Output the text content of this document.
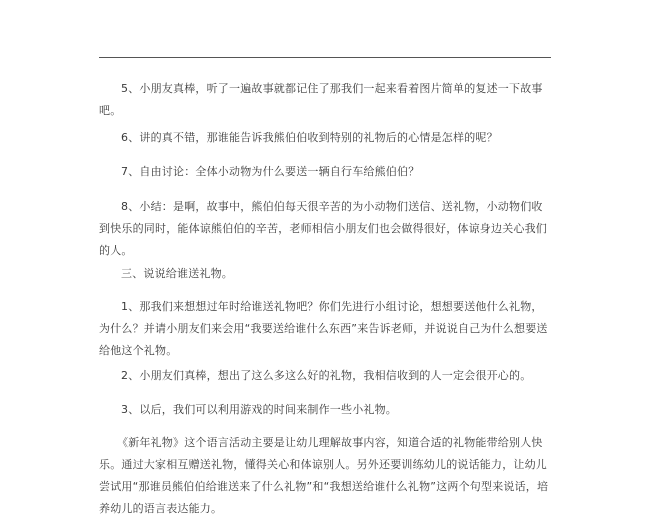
5、小朋友真棒，听了一遍故事就都记住了那我们一起来看着图片简单的复述一下故事吧。

6、讲的真不错，那谁能告诉我熊伯伯收到特别的礼物后的心情是怎样的呢？

7、自由讨论：全体小动物为什么要送一辆自行车给熊伯伯？

8、小结：是啊，故事中，熊伯伯每天很辛苦的为小动物们送信、送礼物，小动物们收到快乐的同时，能体谅熊伯伯的辛苦，老师相信小朋友们也会做得很好，体谅身边关心我们的人。

三、说说给谁送礼物。

1、那我们来想想过年时给谁送礼物吧？你们先进行小组讨论，想想要送他什么礼物，为什么？并请小朋友们来会用“我要送给谁什么东西”来告诉老师，并说说自己为什么想要送给他这个礼物。

2、小朋友们真棒，想出了这么多这么好的礼物，我相信收到的人一定会很开心的。

3、以后，我们可以利用游戏的时间来制作一些小礼物。

《新年礼物》这个语言活动主要是让幼儿理解故事内容，知道合适的礼物能带给别人快乐。通过大家相互赠送礼物，懂得关心和体谅别人。另外还要训练幼儿的说话能力，让幼儿尝试用“那谁员熊伯伯给谁送来了什么礼物”和“我想送给谁什么礼物”这两个句型来说话，培养幼儿的语言表达能力。
